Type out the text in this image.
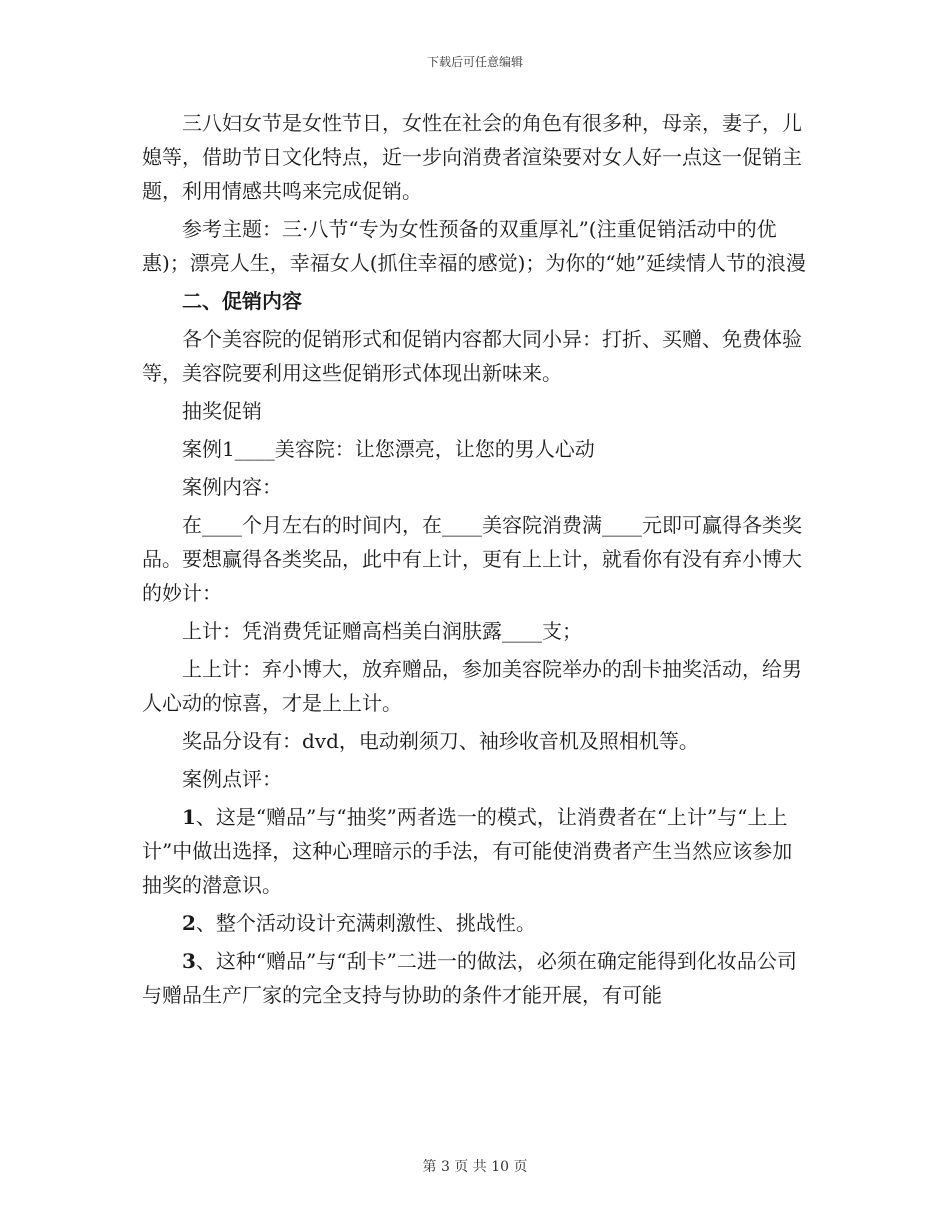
下载后可任意编辑

三八妇女节是女性节日，女性在社会的角色有很多种，母亲，妻子，儿媳等，借助节日文化特点，近一步向消费者渲染要对女人好一点这一促销主题，利用情感共鸣来完成促销。

参考主题：三·八节“专为女性预备的双重厚礼”(注重促销活动中的优惠)；漂亮人生，幸福女人(抓住幸福的感觉)；为你的“她”延续情人节的浪漫

二、促销内容

各个美容院的促销形式和促销内容都大同小异：打折、买赠、免费体验等，美容院要利用这些促销形式体现出新味来。

抽奖促销

案例1____美容院：让您漂亮，让您的男人心动

案例内容：

在____个月左右的时间内，在____美容院消费满____元即可赢得各类奖品。要想赢得各类奖品，此中有上计，更有上上计，就看你有没有弃小博大的妙计：

上计：凭消费凭证赠高档美白润肤露____支；

上上计：弃小博大，放弃赠品，参加美容院举办的刮卡抽奖活动，给男人心动的惊喜，才是上上计。

奖品分设有：dvd，电动剃须刀、袖珍收音机及照相机等。

案例点评：

1、这是“赠品”与“抽奖”两者选一的模式，让消费者在“上计”与“上上计”中做出选择，这种心理暗示的手法，有可能使消费者产生当然应该参加抽奖的潜意识。

2、整个活动设计充满刺激性、挑战性。

3、这种“赠品”与“刮卡”二进一的做法，必须在确定能得到化妆品公司与赠品生产厂家的完全支持与协助的条件才能开展，有可能

第 3 页 共 10 页
